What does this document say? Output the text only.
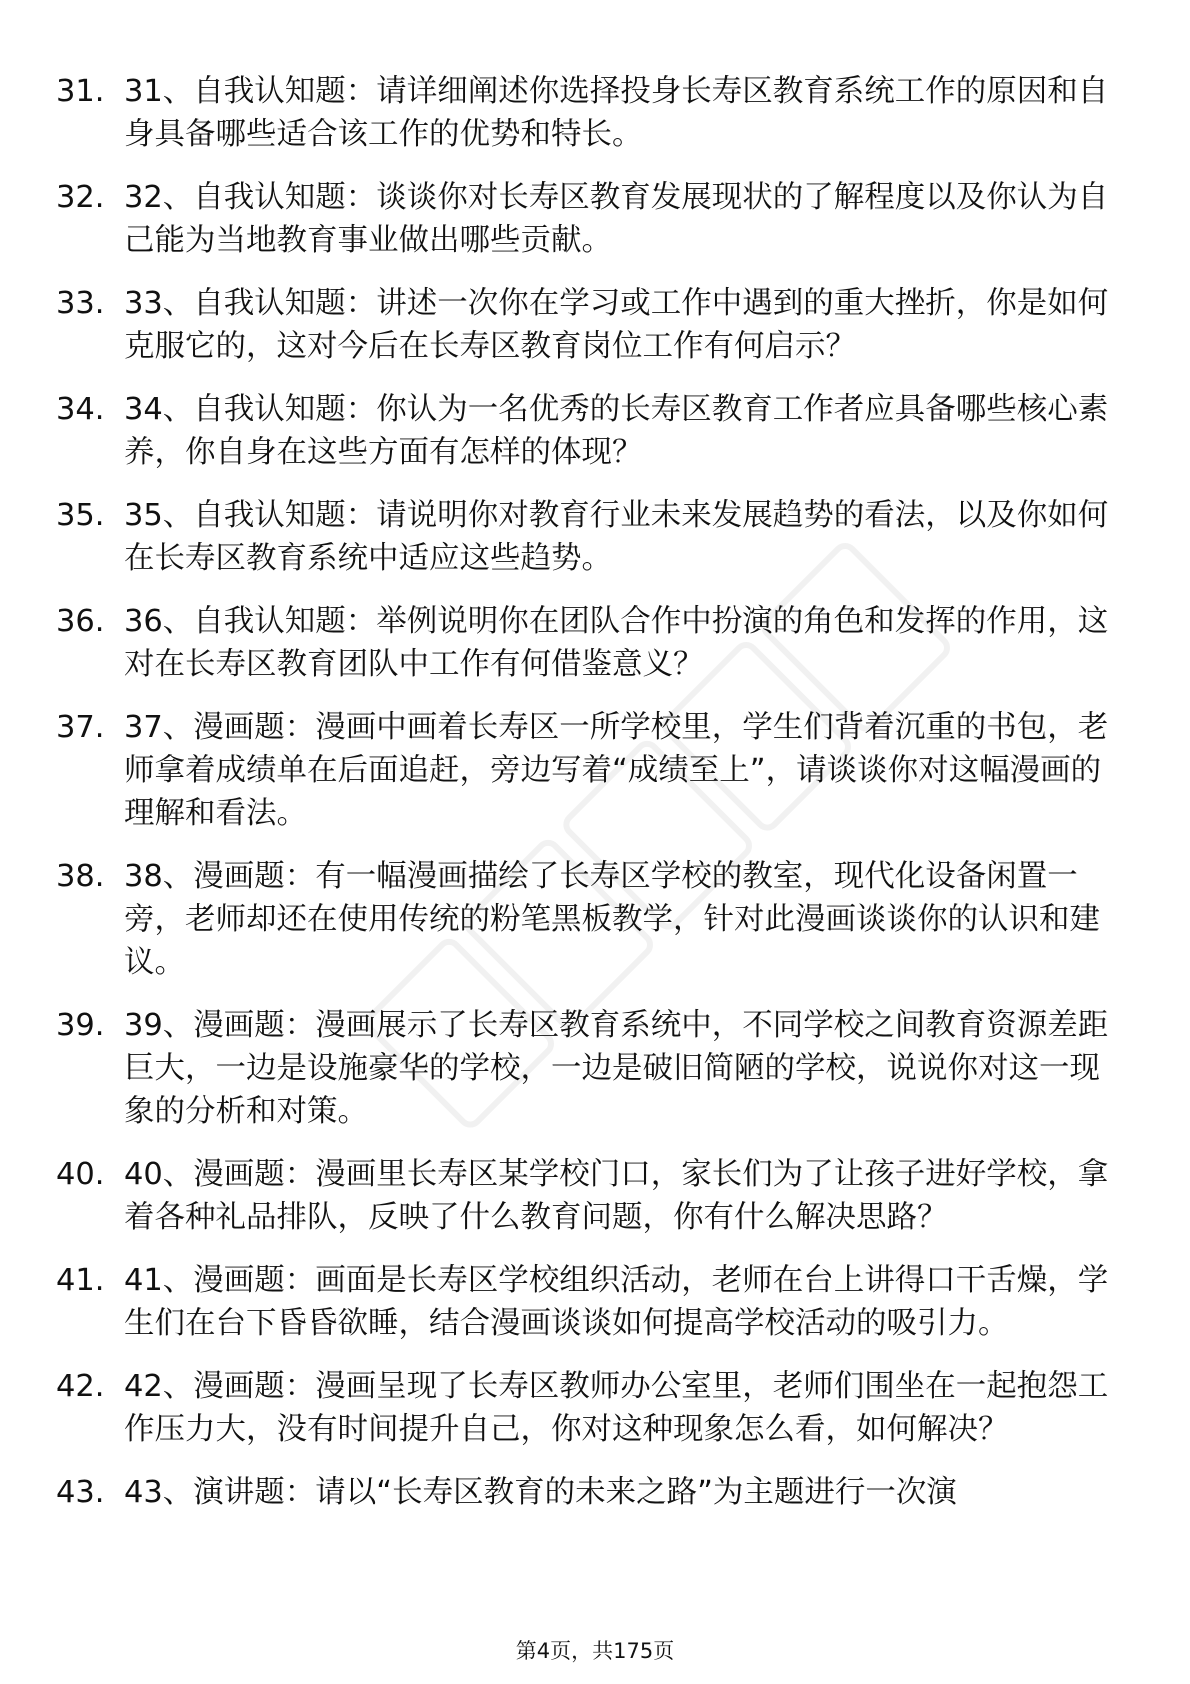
31. 31、自我认知题：请详细阐述你选择投身长寿区教育系统工作的原因和自身具备哪些适合该工作的优势和特长。
32. 32、自我认知题：谈谈你对长寿区教育发展现状的了解程度以及你认为自己能为当地教育事业做出哪些贡献。
33. 33、自我认知题：讲述一次你在学习或工作中遇到的重大挫折，你是如何克服它的，这对今后在长寿区教育岗位工作有何启示？
34. 34、自我认知题：你认为一名优秀的长寿区教育工作者应具备哪些核心素养，你自身在这些方面有怎样的体现？
35. 35、自我认知题：请说明你对教育行业未来发展趋势的看法，以及你如何在长寿区教育系统中适应这些趋势。
36. 36、自我认知题：举例说明你在团队合作中扮演的角色和发挥的作用，这对在长寿区教育团队中工作有何借鉴意义？
37. 37、漫画题：漫画中画着长寿区一所学校里，学生们背着沉重的书包，老师拿着成绩单在后面追赶，旁边写着“成绩至上”，请谈谈你对这幅漫画的理解和看法。
38. 38、漫画题：有一幅漫画描绘了长寿区学校的教室，现代化设备闲置一旁，老师却还在使用传统的粉笔黑板教学，针对此漫画谈谈你的认识和建议。
39. 39、漫画题：漫画展示了长寿区教育系统中，不同学校之间教育资源差距巨大，一边是设施豪华的学校，一边是破旧简陋的学校，说说你对这一现象的分析和对策。
40. 40、漫画题：漫画里长寿区某学校门口，家长们为了让孩子进好学校，拿着各种礼品排队，反映了什么教育问题，你有什么解决思路？
41. 41、漫画题：画面是长寿区学校组织活动，老师在台上讲得口干舌燥，学生们在台下昏昏欲睡，结合漫画谈谈如何提高学校活动的吸引力。
42. 42、漫画题：漫画呈现了长寿区教师办公室里，老师们围坐在一起抱怨工作压力大，没有时间提升自己，你对这种现象怎么看，如何解决？
43. 43、演讲题：请以“长寿区教育的未来之路”为主题进行一次演
第4页，共175页
